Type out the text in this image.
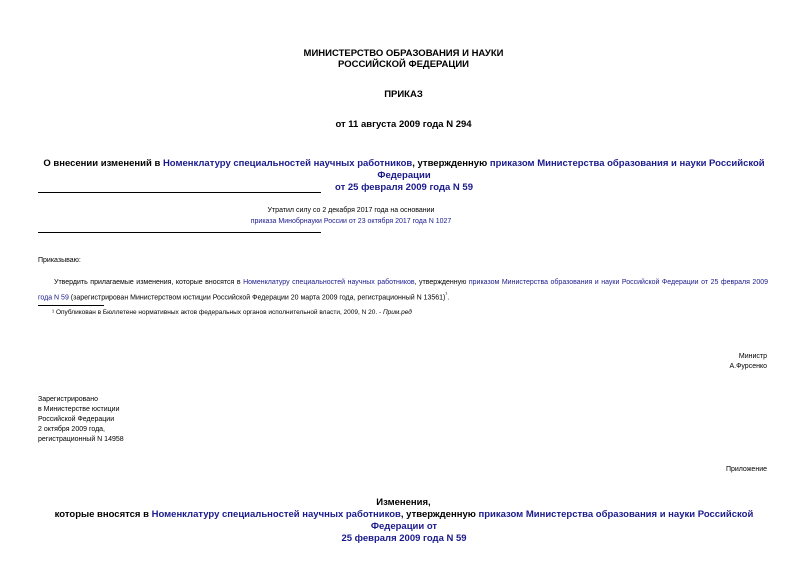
МИНИСТЕРСТВО ОБРАЗОВАНИЯ И НАУКИ
РОССИЙСКОЙ ФЕДЕРАЦИИ
ПРИКАЗ
от 11 августа 2009 года N 294
О внесении изменений в Номенклатуру специальностей научных работников, утвержденную приказом Министерства образования и науки Российской Федерации
от 25 февраля 2009 года N 59
Утратил силу со 2 декабря 2017 года на основании
приказа Минобрнауки России от 23 октября 2017 года N 1027
Приказываю:
Утвердить прилагаемые изменения, которые вносятся в Номенклатуру специальностей научных работников, утвержденную приказом Министерства образования и науки Российской Федерации от 25 февраля 2009 года N 59 (зарегистрирован Министерством юстиции Российской Федерации 20 марта 2009 года, регистрационный N 13561)$^{^1}$.
¹ Опубликован в Бюллетене нормативных актов федеральных органов исполнительной власти, 2009, N 20. - Прим.ред
Министр
А.Фурсенко
Зарегистрировано
в Министерстве юстиции
Российской Федерации
2 октября 2009 года,
регистрационный N 14958
Приложение
Изменения,
которые вносятся в Номенклатуру специальностей научных работников, утвержденную приказом Министерства образования и науки Российской Федерации от
25 февраля 2009 года N 59
